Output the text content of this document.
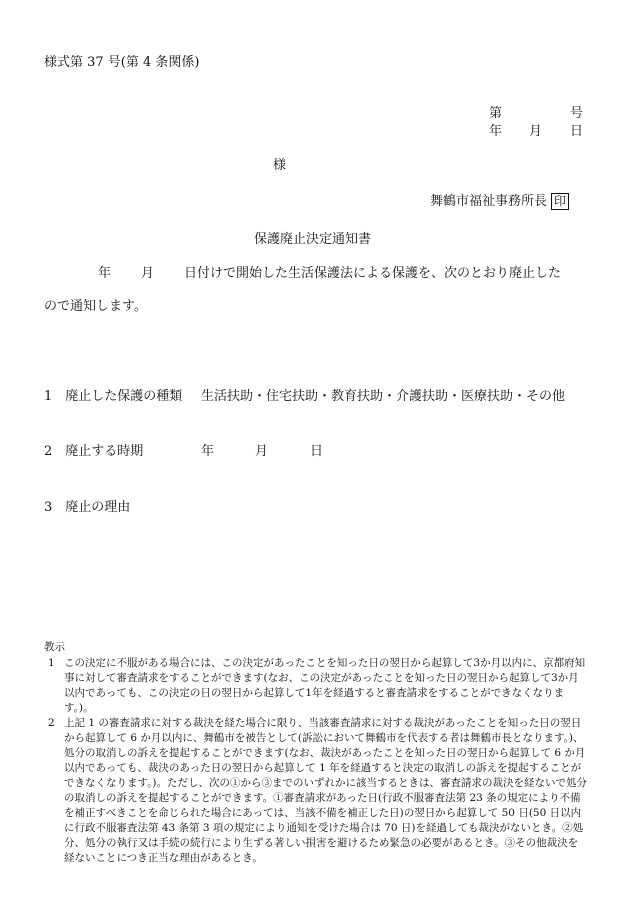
様式第 37 号(第 4 条関係)
第	号
年 月 日
様
舞鶴市福祉事務所長 印
保護廃止決定通知書
年 月 日付けで開始した生活保護法による保護を、次のとおり廃止した
ので通知します。
1　廃止した保護の種類 生活扶助・住宅扶助・教育扶助・介護扶助・医療扶助・その他
2　廃止する時期	年	月	日
3　廃止の理由
教示

1 この決定に不服がある場合には、この決定があったことを知った日の翌日から起算して3か月以内に、京都府知事に対して審査請求をすることができます(なお、この決定があったことを知った日の翌日から起算して3か月以内であっても、この決定の日の翌日から起算して1年を経過すると審査請求をすることができなくなります。)。

2 上記 1 の審査請求に対する裁決を経た場合に限り、当該審査請求に対する裁決があったことを知った日の翌日から起算して 6 か月以内に、舞鶴市を被告として(訴訟において舞鶴市を代表する者は舞鶴市長となります。)、処分の取消しの訴えを提起することができます(なお、裁決があったことを知った日の翌日から起算して 6 か月以内であっても、裁決のあった日の翌日から起算して 1 年を経過すると決定の取消しの訴えを提起することができなくなります。)。ただし、次の①から③までのいずれかに該当するときは、審査請求の裁決を経ないで処分の取消しの訴えを提起することができます。①審査請求があった日(行政不服審査法第 23 条の規定により不備を補正すべきことを命じられた場合にあっては、当該不備を補正した日)の翌日から起算して 50 日(50 日以内に行政不服審査法第 43 条第 3 項の規定により通知を受けた場合は 70 日)を経過しても裁決がないとき。②処分、処分の執行又は手続の続行により生ずる著しい損害を避けるため緊急の必要があるとき。③その他裁決を経ないことにつき正当な理由があるとき。
